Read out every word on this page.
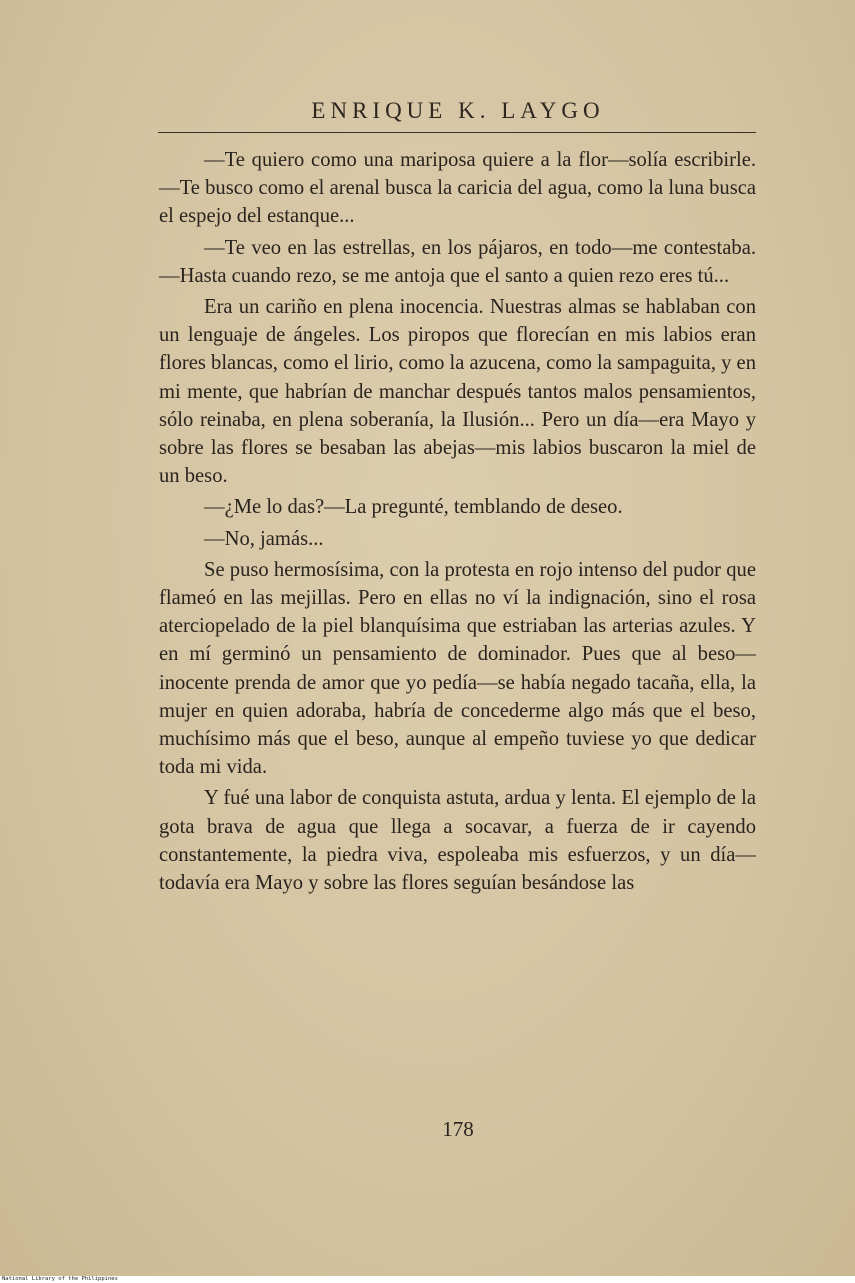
ENRIQUE K. LAYGO

—Te quiero como una mariposa quiere a la flor—solía escribirle.—Te busco como el arenal busca la caricia del agua, como la luna busca el espejo del estanque...

—Te veo en las estrellas, en los pájaros, en todo—me contestaba.—Hasta cuando rezo, se me antoja que el santo a quien rezo eres tú...

Era un cariño en plena inocencia. Nuestras almas se hablaban con un lenguaje de ángeles. Los piropos que florecían en mis labios eran flores blancas, como el lirio, como la azucena, como la sampaguita, y en mi mente, que habrían de manchar después tantos malos pensamientos, sólo reinaba, en plena soberanía, la Ilusión... Pero un día—era Mayo y sobre las flores se besaban las abejas—mis labios buscaron la miel de un beso.

—¿Me lo das?—La pregunté, temblando de deseo.

—No, jamás...

Se puso hermosísima, con la protesta en rojo intenso del pudor que flameó en las mejillas. Pero en ellas no ví la indignación, sino el rosa aterciopelado de la piel blanquísima que estriaban las arterias azules. Y en mí germinó un pensamiento de dominador. Pues que al beso—inocente prenda de amor que yo pedía—se había negado tacaña, ella, la mujer en quien adoraba, habría de concederme algo más que el beso, muchísimo más que el beso, aunque al empeño tuviese yo que dedicar toda mi vida.

Y fué una labor de conquista astuta, ardua y lenta. El ejemplo de la gota brava de agua que llega a socavar, a fuerza de ir cayendo constantemente, la piedra viva, espoleaba mis esfuerzos, y un día—todavía era Mayo y sobre las flores seguían besándose las

178
National Library of the Philippines
